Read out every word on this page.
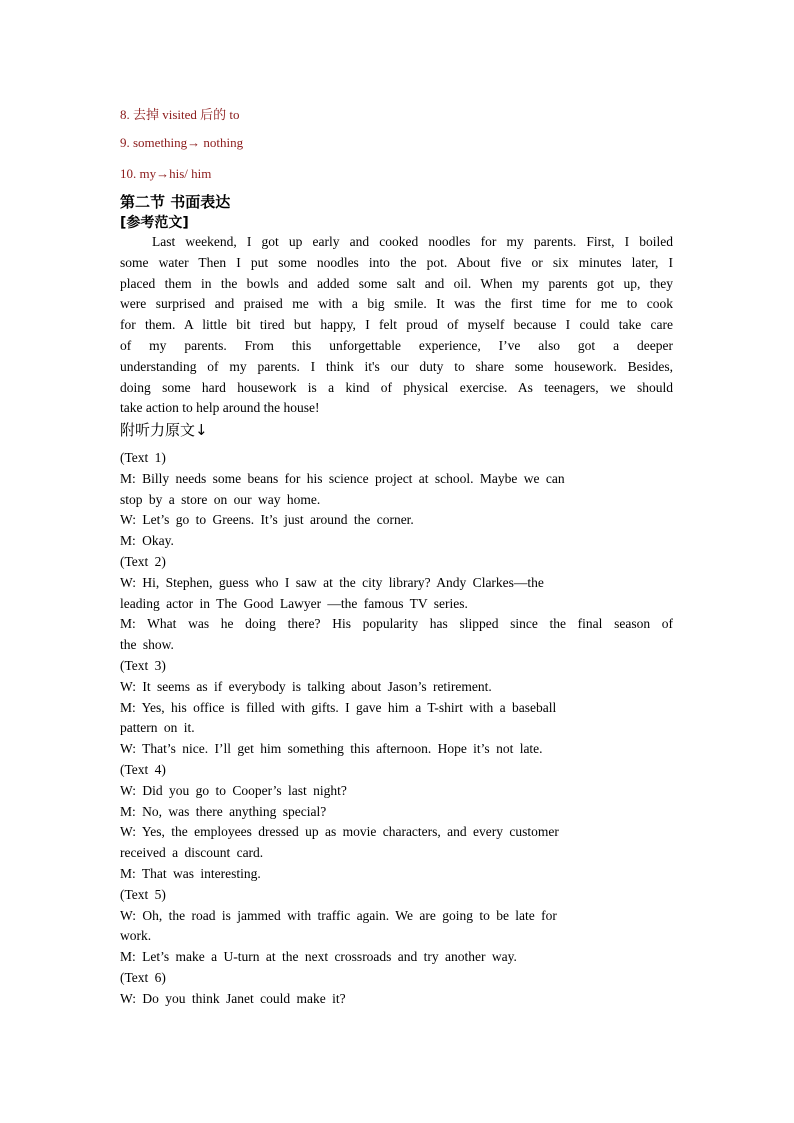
8. 去掉 visited 后的 to
9. something→ nothing
10. my→his/ him
第二节 书面表达
[参考范文]
Last weekend, I got up early and cooked noodles for my parents. First, I boiled
some water Then I put some noodles into the pot. About five or six minutes later, I
placed them in the bowls and added some salt and oil. When my parents got up, they
were surprised and praised me with a big smile. It was the first time for me to cook
for them. A little bit tired but happy, I felt proud of myself because I could take care
of my parents. From this unforgettable experience, I’ve also got a deeper
understanding of my parents. I think it's our duty to share some housework. Besides,
doing some hard housework is a kind of physical exercise. As teenagers, we should
take action to help around the house!
附听力原文↓
(Text 1)
M: Billy needs some beans for his science project at school. Maybe we can
stop by a store on our way home.
W: Let’s go to Greens. It’s just around the corner.
M: Okay.
(Text 2)
W: Hi, Stephen, guess who I saw at the city library? Andy Clarkes—the
leading actor in The Good Lawyer —the famous TV series.
M: What was he doing there? His popularity has slipped since the final season of
the show.
(Text 3)
W: It seems as if everybody is talking about Jason’s retirement.
M: Yes, his office is filled with gifts. I gave him a T-shirt with a baseball
pattern on it.
W: That’s nice. I’ll get him something this afternoon. Hope it’s not late.
(Text 4)
W: Did you go to Cooper’s last night?
M: No, was there anything special?
W: Yes, the employees dressed up as movie characters, and every customer
received a discount card.
M: That was interesting.
(Text 5)
W: Oh, the road is jammed with traffic again. We are going to be late for
work.
M: Let’s make a U-turn at the next crossroads and try another way.
(Text 6)
W: Do you think Janet could make it?
